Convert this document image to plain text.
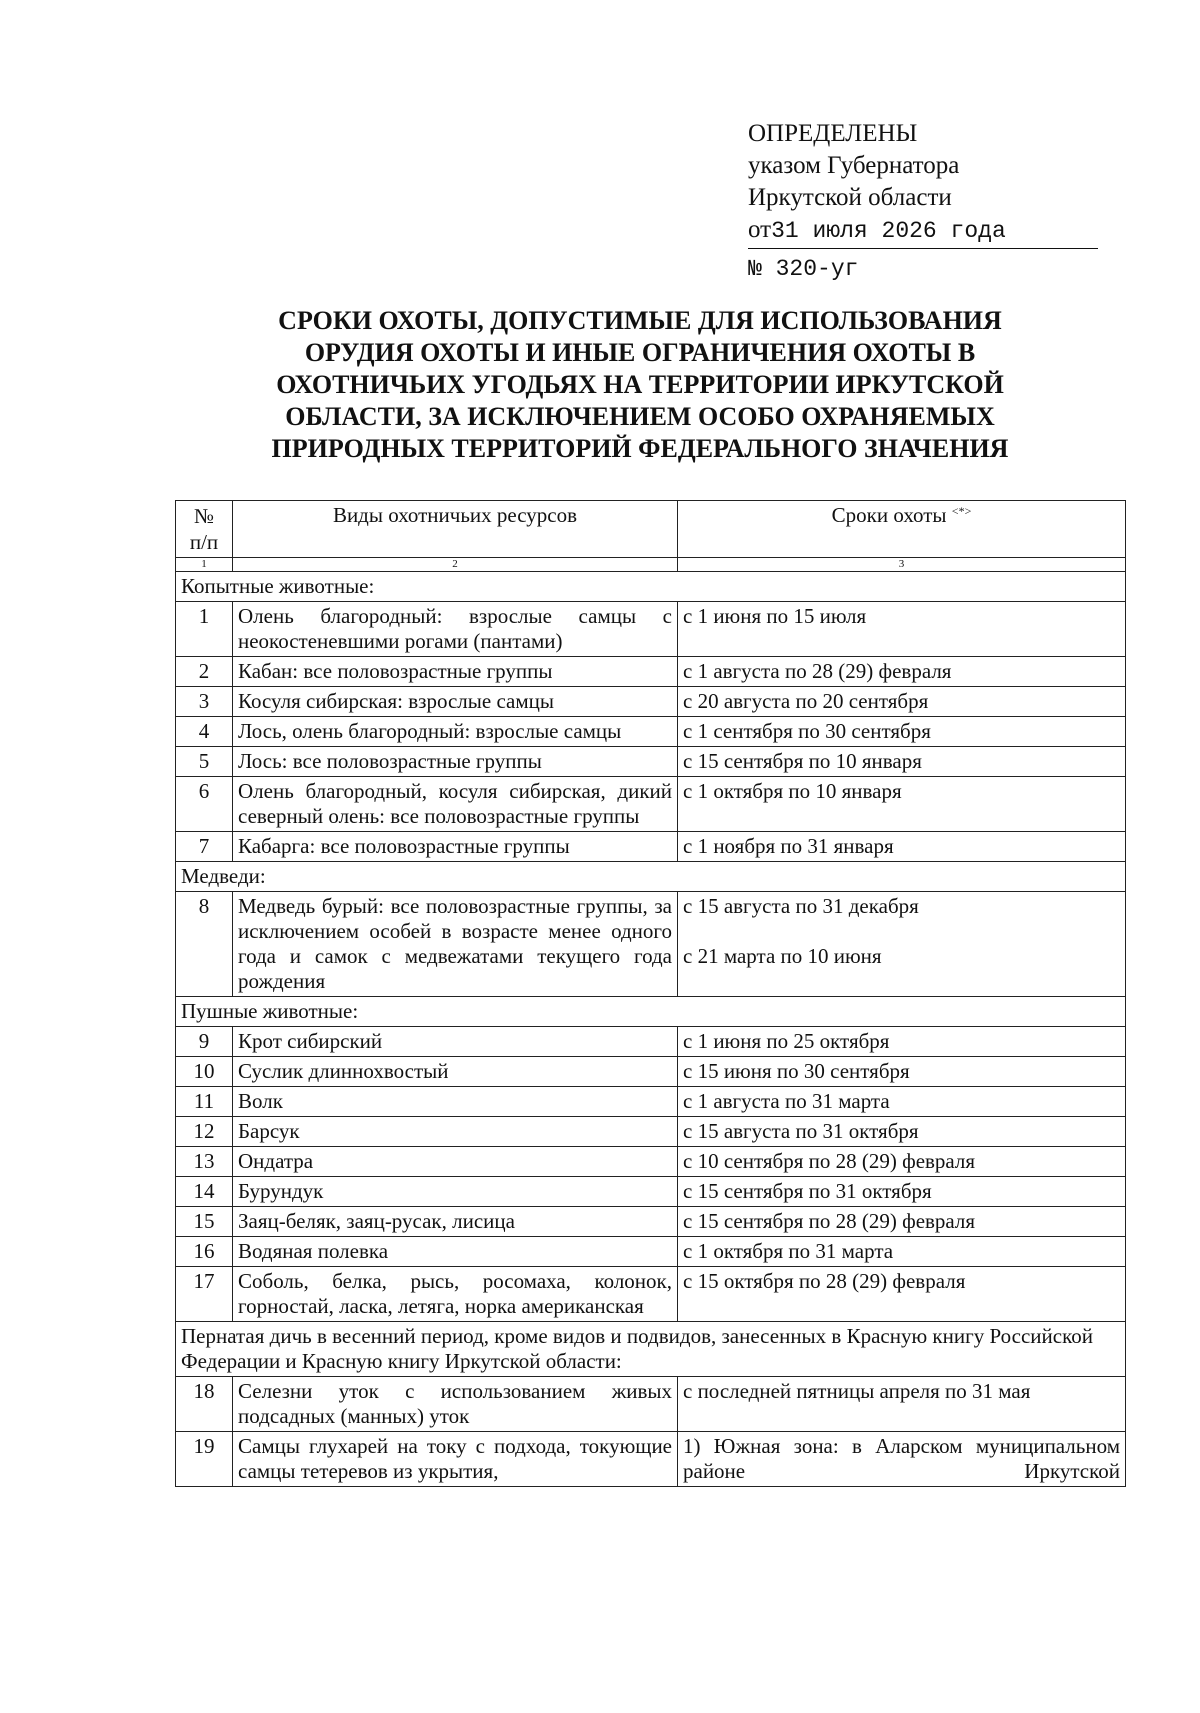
ОПРЕДЕЛЕНЫ
указом Губернатора
Иркутской области
от31 июля 2026 года
№ 320-уг
СРОКИ ОХОТЫ, ДОПУСТИМЫЕ ДЛЯ ИСПОЛЬЗОВАНИЯ
ОРУДИЯ ОХОТЫ И ИНЫЕ ОГРАНИЧЕНИЯ ОХОТЫ В
ОХОТНИЧЬИХ УГОДЬЯХ НА ТЕРРИТОРИИ ИРКУТСКОЙ
ОБЛАСТИ, ЗА ИСКЛЮЧЕНИЕМ ОСОБО ОХРАНЯЕМЫХ
ПРИРОДНЫХ ТЕРРИТОРИЙ ФЕДЕРАЛЬНОГО ЗНАЧЕНИЯ
№
п/п	Виды охотничьих ресурсов	Сроки охоты <*>
1	2	3
Копытные животные:		
1	Олень благородный: взрослые самцы с неокостеневшими рогами (пантами)	с 1 июня по 15 июля
2	Кабан: все половозрастные группы	с 1 августа по 28 (29) февраля
3	Косуля сибирская: взрослые самцы	с 20 августа по 20 сентября
4	Лось, олень благородный: взрослые самцы	с 1 сентября по 30 сентября
5	Лось: все половозрастные группы	с 15 сентября по 10 января
6	Олень благородный, косуля сибирская, дикий северный олень: все половозрастные группы	с 1 октября по 10 января
7	Кабарга: все половозрастные группы	с 1 ноября по 31 января
Медведи:		
8	Медведь бурый: все половозрастные группы, за исключением особей в возрасте менее одного года и самок с медвежатами текущего года рождения	с 15 августа по 31 декабря
с 21 марта по 10 июня

Пушные животные:		
9	Крот сибирский	с 1 июня по 25 октября
10	Суслик длиннохвостый	с 15 июня по 30 сентября
11	Волк	с 1 августа по 31 марта
12	Барсук	с 15 августа по 31 октября
13	Ондатра	с 10 сентября по 28 (29) февраля
14	Бурундук	с 15 сентября по 31 октября
15	Заяц-беляк, заяц-русак, лисица	с 15 сентября по 28 (29) февраля
16	Водяная полевка	с 1 октября по 31 марта
17	Соболь, белка, рысь, росомаха, колонок, горностай, ласка, летяга, норка американская	с 15 октября по 28 (29) февраля
Пернатая дичь в весенний период, кроме видов и подвидов, занесенных в Красную книгу Российской Федерации и Красную книгу Иркутской области:		
18	Селезни уток с использованием живых подсадных (манных) уток	с последней пятницы апреля по 31 мая
19	Самцы глухарей на току с подхода, токующие самцы тетеревов из укрытия,	1) Южная зона: в Аларском муниципальном районе Иркутской
